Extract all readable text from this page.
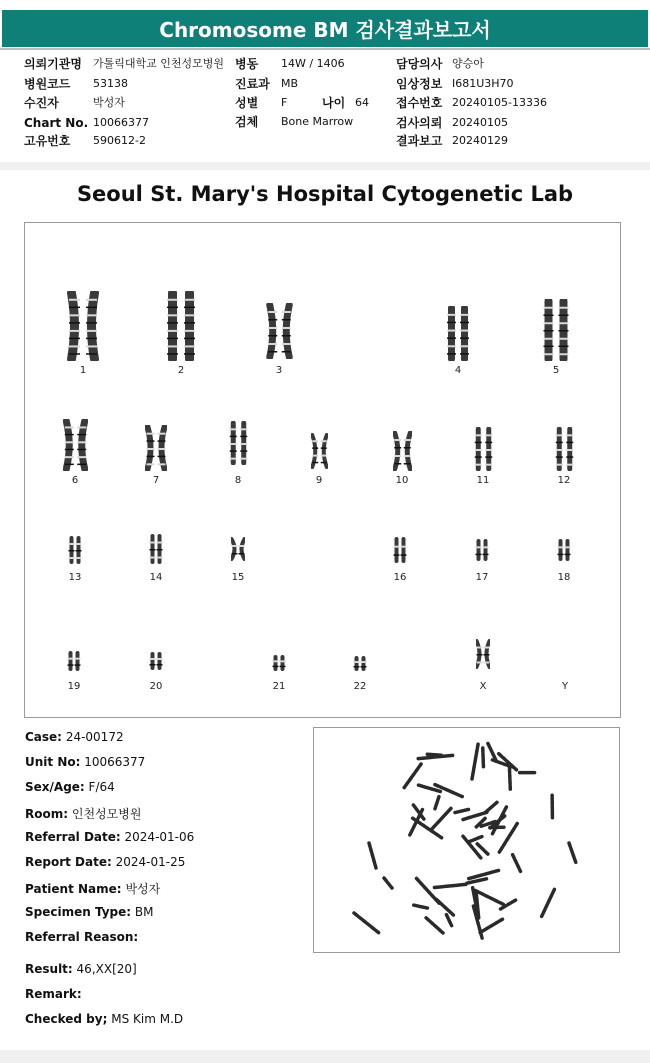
Chromosome BM 검사결과보고서
의뢰기관명 가톨릭대학교 인천성모병원
병원코드 53138
수진자	박성자
Chart No. 10066377
고유번호 590612-2
병동 14W / 1406
진료과 MB
성별 F	나이 64
검체 Bone Marrow
담당의사 양승아
임상정보 I681U3H70
접수번호 20240105-13336
검사의뢰 20240105
결과보고 20240129
Seoul St. Mary's Hospital Cytogenetic Lab
1	2	3	4	5
6	7	8	9	10	11	12
13	14	15	16	17	18
19	20	21	22	X	Y
Case: 24-00172
Unit No: 10066377
Sex/Age: F/64
Room: 인천성모병원
Referral Date: 2024-01-06
Report Date: 2024-01-25
Patient Name: 박성자
Specimen Type: BM
Referral Reason:
Result: 46,XX[20]
Remark:
Checked by; MS Kim M.D
